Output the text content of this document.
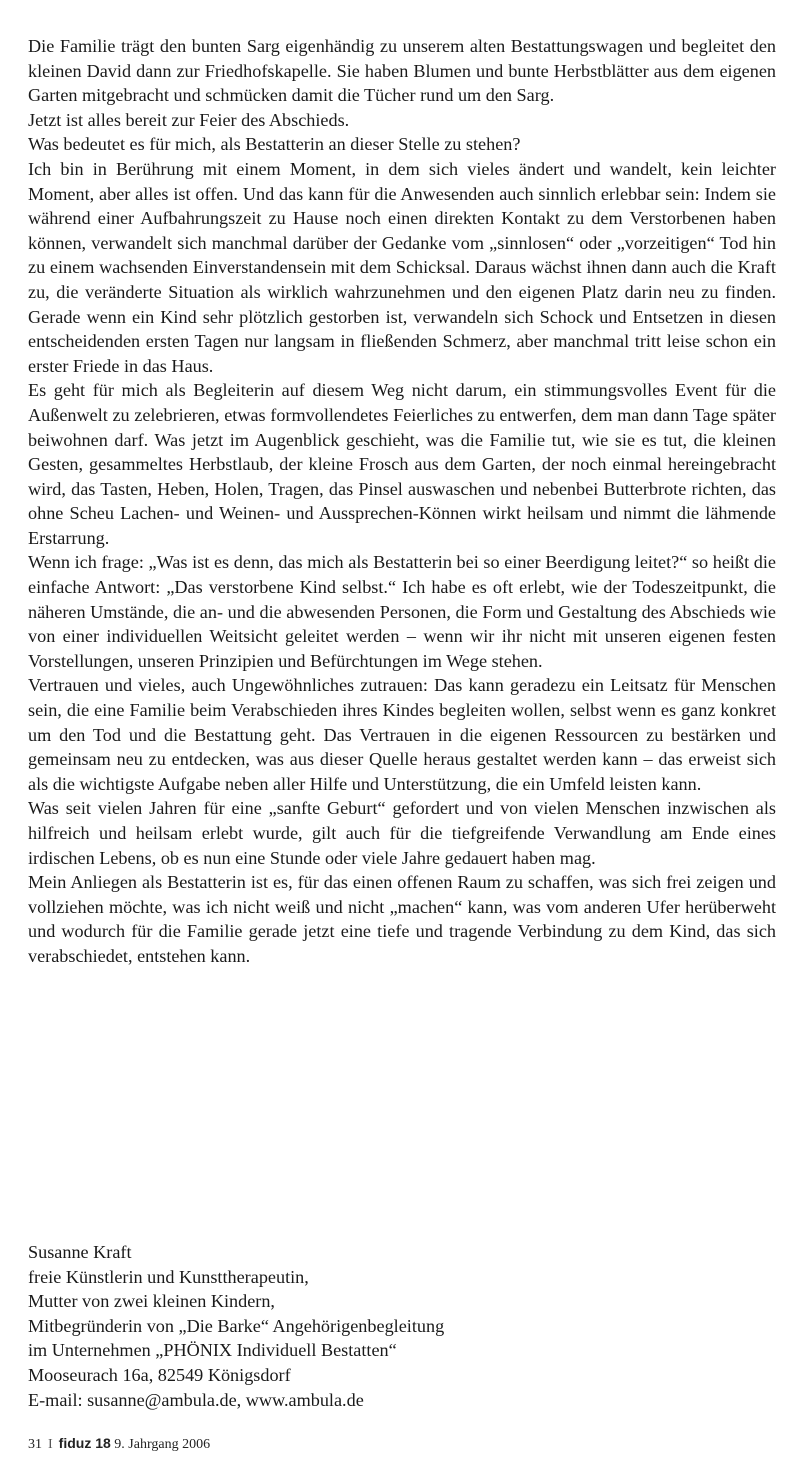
Die Familie trägt den bunten Sarg eigenhändig zu unserem alten Bestattungswagen und begleitet den kleinen David dann zur Friedhofskapelle. Sie haben Blumen und bunte Herbstblätter aus dem eigenen Garten mitgebracht und schmücken damit die Tücher rund um den Sarg.

Jetzt ist alles bereit zur Feier des Abschieds.

Was bedeutet es für mich, als Bestatterin an dieser Stelle zu stehen?

Ich bin in Berührung mit einem Moment, in dem sich vieles ändert und wandelt, kein leichter Moment, aber alles ist offen. Und das kann für die Anwesenden auch sinnlich erlebbar sein: Indem sie während einer Aufbahrungszeit zu Hause noch einen direkten Kontakt zu dem Verstorbenen haben können, verwandelt sich manchmal darüber der Gedanke vom „sinnlosen“ oder „vorzeitigen“ Tod hin zu einem wachsenden Einverstandensein mit dem Schicksal. Daraus wächst ihnen dann auch die Kraft zu, die veränderte Situation als wirklich wahrzunehmen und den eigenen Platz darin neu zu finden. Gerade wenn ein Kind sehr plötzlich gestorben ist, verwandeln sich Schock und Entsetzen in diesen entscheidenden ersten Tagen nur langsam in fließenden Schmerz, aber manchmal tritt leise schon ein erster Friede in das Haus.

Es geht für mich als Begleiterin auf diesem Weg nicht darum, ein stimmungsvolles Event für die Außenwelt zu zelebrieren, etwas formvollendetes Feierliches zu entwerfen, dem man dann Tage später beiwohnen darf. Was jetzt im Augenblick geschieht, was die Familie tut, wie sie es tut, die kleinen Gesten, gesammeltes Herbstlaub, der kleine Frosch aus dem Garten, der noch einmal hereingebracht wird, das Tasten, Heben, Holen, Tragen, das Pinsel auswaschen und nebenbei Butterbrote richten, das ohne Scheu Lachen- und Weinen- und Aussprechen-Können wirkt heilsam und nimmt die lähmende Erstarrung.

Wenn ich frage: „Was ist es denn, das mich als Bestatterin bei so einer Beerdigung leitet?“ so heißt die einfache Antwort: „Das verstorbene Kind selbst.“ Ich habe es oft erlebt, wie der Todeszeitpunkt, die näheren Umstände, die an- und die abwesenden Personen, die Form und Gestaltung des Abschieds wie von einer individuellen Weitsicht geleitet werden – wenn wir ihr nicht mit unseren eigenen festen Vorstellungen, unseren Prinzipien und Befürchtungen im Wege stehen.

Vertrauen und vieles, auch Ungewöhnliches zutrauen: Das kann geradezu ein Leitsatz für Menschen sein, die eine Familie beim Verabschieden ihres Kindes begleiten wollen, selbst wenn es ganz konkret um den Tod und die Bestattung geht. Das Vertrauen in die eigenen Ressourcen zu bestärken und gemeinsam neu zu entdecken, was aus dieser Quelle heraus gestaltet werden kann – das erweist sich als die wichtigste Aufgabe neben aller Hilfe und Unterstützung, die ein Umfeld leisten kann.

Was seit vielen Jahren für eine „sanfte Geburt“ gefordert und von vielen Menschen inzwischen als hilfreich und heilsam erlebt wurde, gilt auch für die tiefgreifende Verwandlung am Ende eines irdischen Lebens, ob es nun eine Stunde oder viele Jahre gedauert haben mag.

Mein Anliegen als Bestatterin ist es, für das einen offenen Raum zu schaffen, was sich frei zeigen und vollziehen möchte, was ich nicht weiß und nicht „machen“ kann, was vom anderen Ufer herüberweht und wodurch für die Familie gerade jetzt eine tiefe und tragende Verbindung zu dem Kind, das sich verabschiedet, entstehen kann.

Susanne Kraft
freie Künstlerin und Kunsttherapeutin,
Mutter von zwei kleinen Kindern,
Mitbegründerin von „Die Barke“ Angehörigenbegleitung
im Unternehmen „PHÖNIX Individuell Bestatten“
Mooseurach 16a, 82549 Königsdorf
E-mail: susanne@ambula.de, www.ambula.de
31 I fiduz 18 9. Jahrgang 2006
